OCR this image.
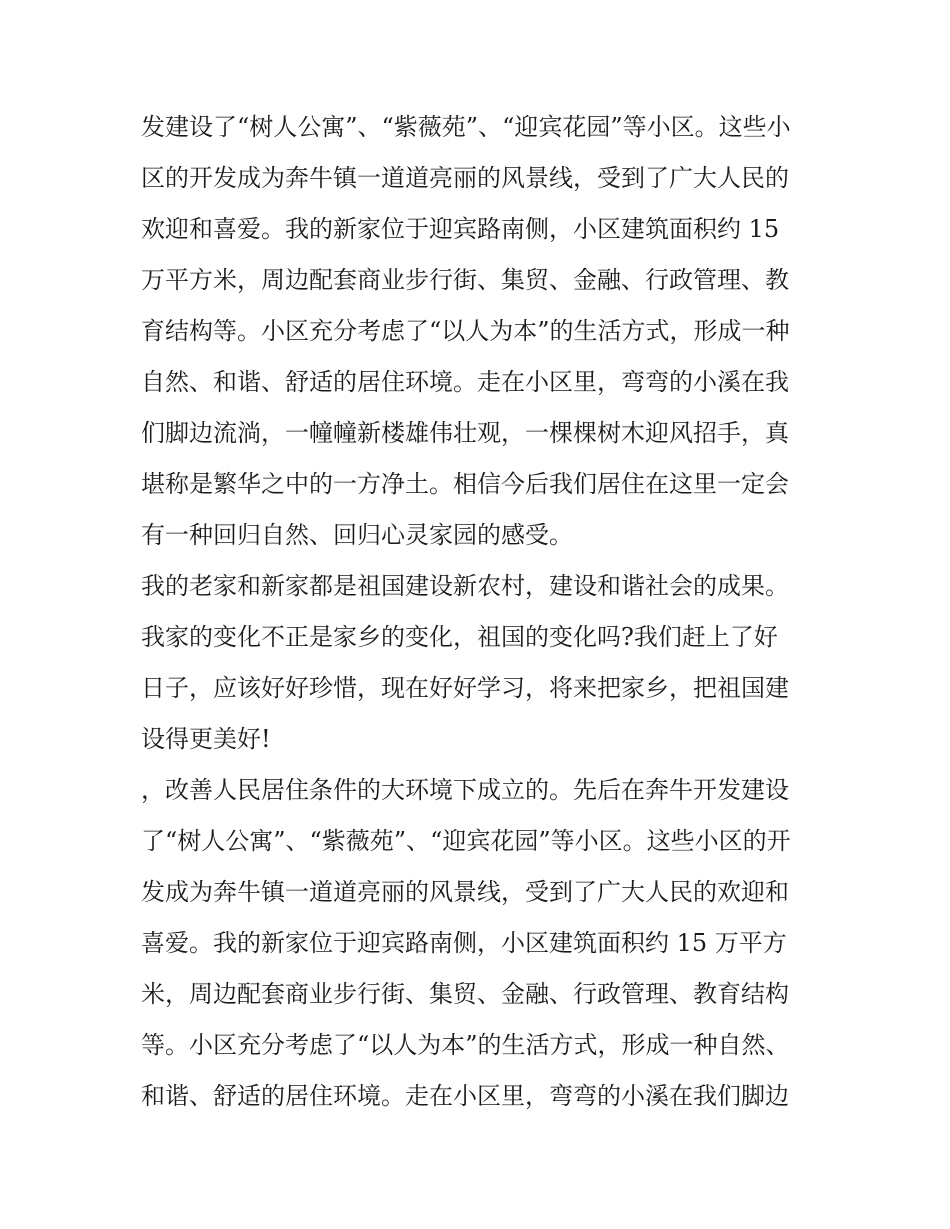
发建设了“树人公寓”、“紫薇苑”、“迎宾花园”等小区。这些小
区的开发成为奔牛镇一道道亮丽的风景线，受到了广大人民的
欢迎和喜爱。我的新家位于迎宾路南侧，小区建筑面积约 15
万平方米，周边配套商业步行街、集贸、金融、行政管理、教
育结构等。小区充分考虑了“以人为本”的生活方式，形成一种
自然、和谐、舒适的居住环境。走在小区里，弯弯的小溪在我
们脚边流淌，一幢幢新楼雄伟壮观，一棵棵树木迎风招手，真
堪称是繁华之中的一方净土。相信今后我们居住在这里一定会
有一种回归自然、回归心灵家园的感受。
我的老家和新家都是祖国建设新农村，建设和谐社会的成果。
我家的变化不正是家乡的变化，祖国的变化吗?我们赶上了好
日子，应该好好珍惜，现在好好学习，将来把家乡，把祖国建
设得更美好!
，改善人民居住条件的大环境下成立的。先后在奔牛开发建设
了“树人公寓”、“紫薇苑”、“迎宾花园”等小区。这些小区的开
发成为奔牛镇一道道亮丽的风景线，受到了广大人民的欢迎和
喜爱。我的新家位于迎宾路南侧，小区建筑面积约 15 万平方
米，周边配套商业步行街、集贸、金融、行政管理、教育结构
等。小区充分考虑了“以人为本”的生活方式，形成一种自然、
和谐、舒适的居住环境。走在小区里，弯弯的小溪在我们脚边
